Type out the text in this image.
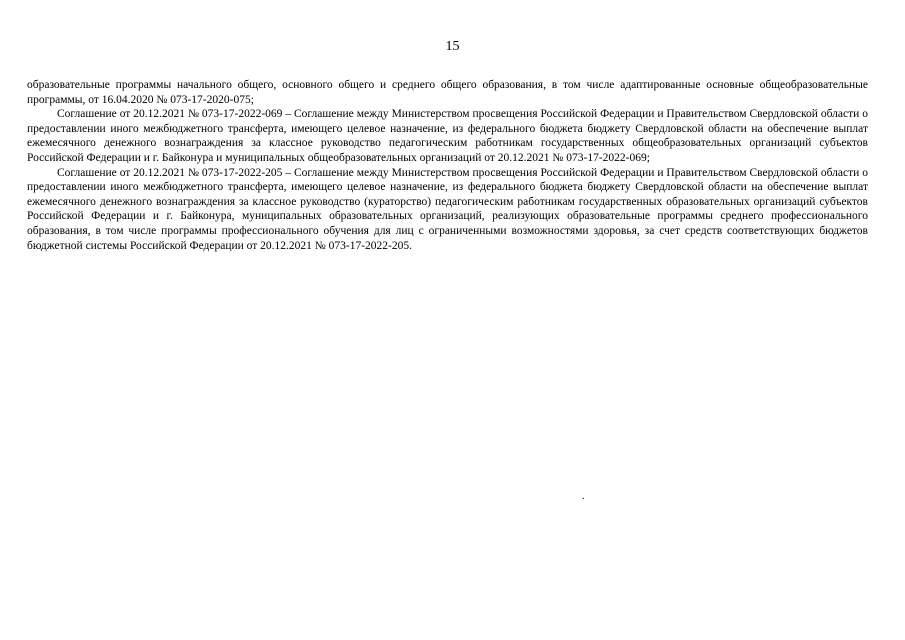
15

образовательные программы начального общего, основного общего и среднего общего образования, в том числе адаптированные основные общеобразовательные программы, от 16.04.2020 № 073-17-2020-075;

Соглашение от 20.12.2021 № 073-17-2022-069 – Соглашение между Министерством просвещения Российской Федерации и Правительством Свердловской области о предоставлении иного межбюджетного трансферта, имеющего целевое назначение, из федерального бюджета бюджету Свердловской области на обеспечение выплат ежемесячного денежного вознаграждения за классное руководство педагогическим работникам государственных общеобразовательных организаций субъектов Российской Федерации и г. Байконура и муниципальных общеобразовательных организаций от 20.12.2021 № 073-17-2022-069;

Соглашение от 20.12.2021 № 073-17-2022-205 – Соглашение между Министерством просвещения Российской Федерации и Правительством Свердловской области о предоставлении иного межбюджетного трансферта, имеющего целевое назначение, из федерального бюджета бюджету Свердловской области на обеспечение выплат ежемесячного денежного вознаграждения за классное руководство (кураторство) педагогическим работникам государственных образовательных организаций субъектов Российской Федерации и г. Байконура, муниципальных образовательных организаций, реализующих образовательные программы среднего профессионального образования, в том числе программы профессионального обучения для лиц с ограниченными возможностями здоровья, за счет средств соответствующих бюджетов бюджетной системы Российской Федерации от 20.12.2021 № 073-17-2022-205.

.
